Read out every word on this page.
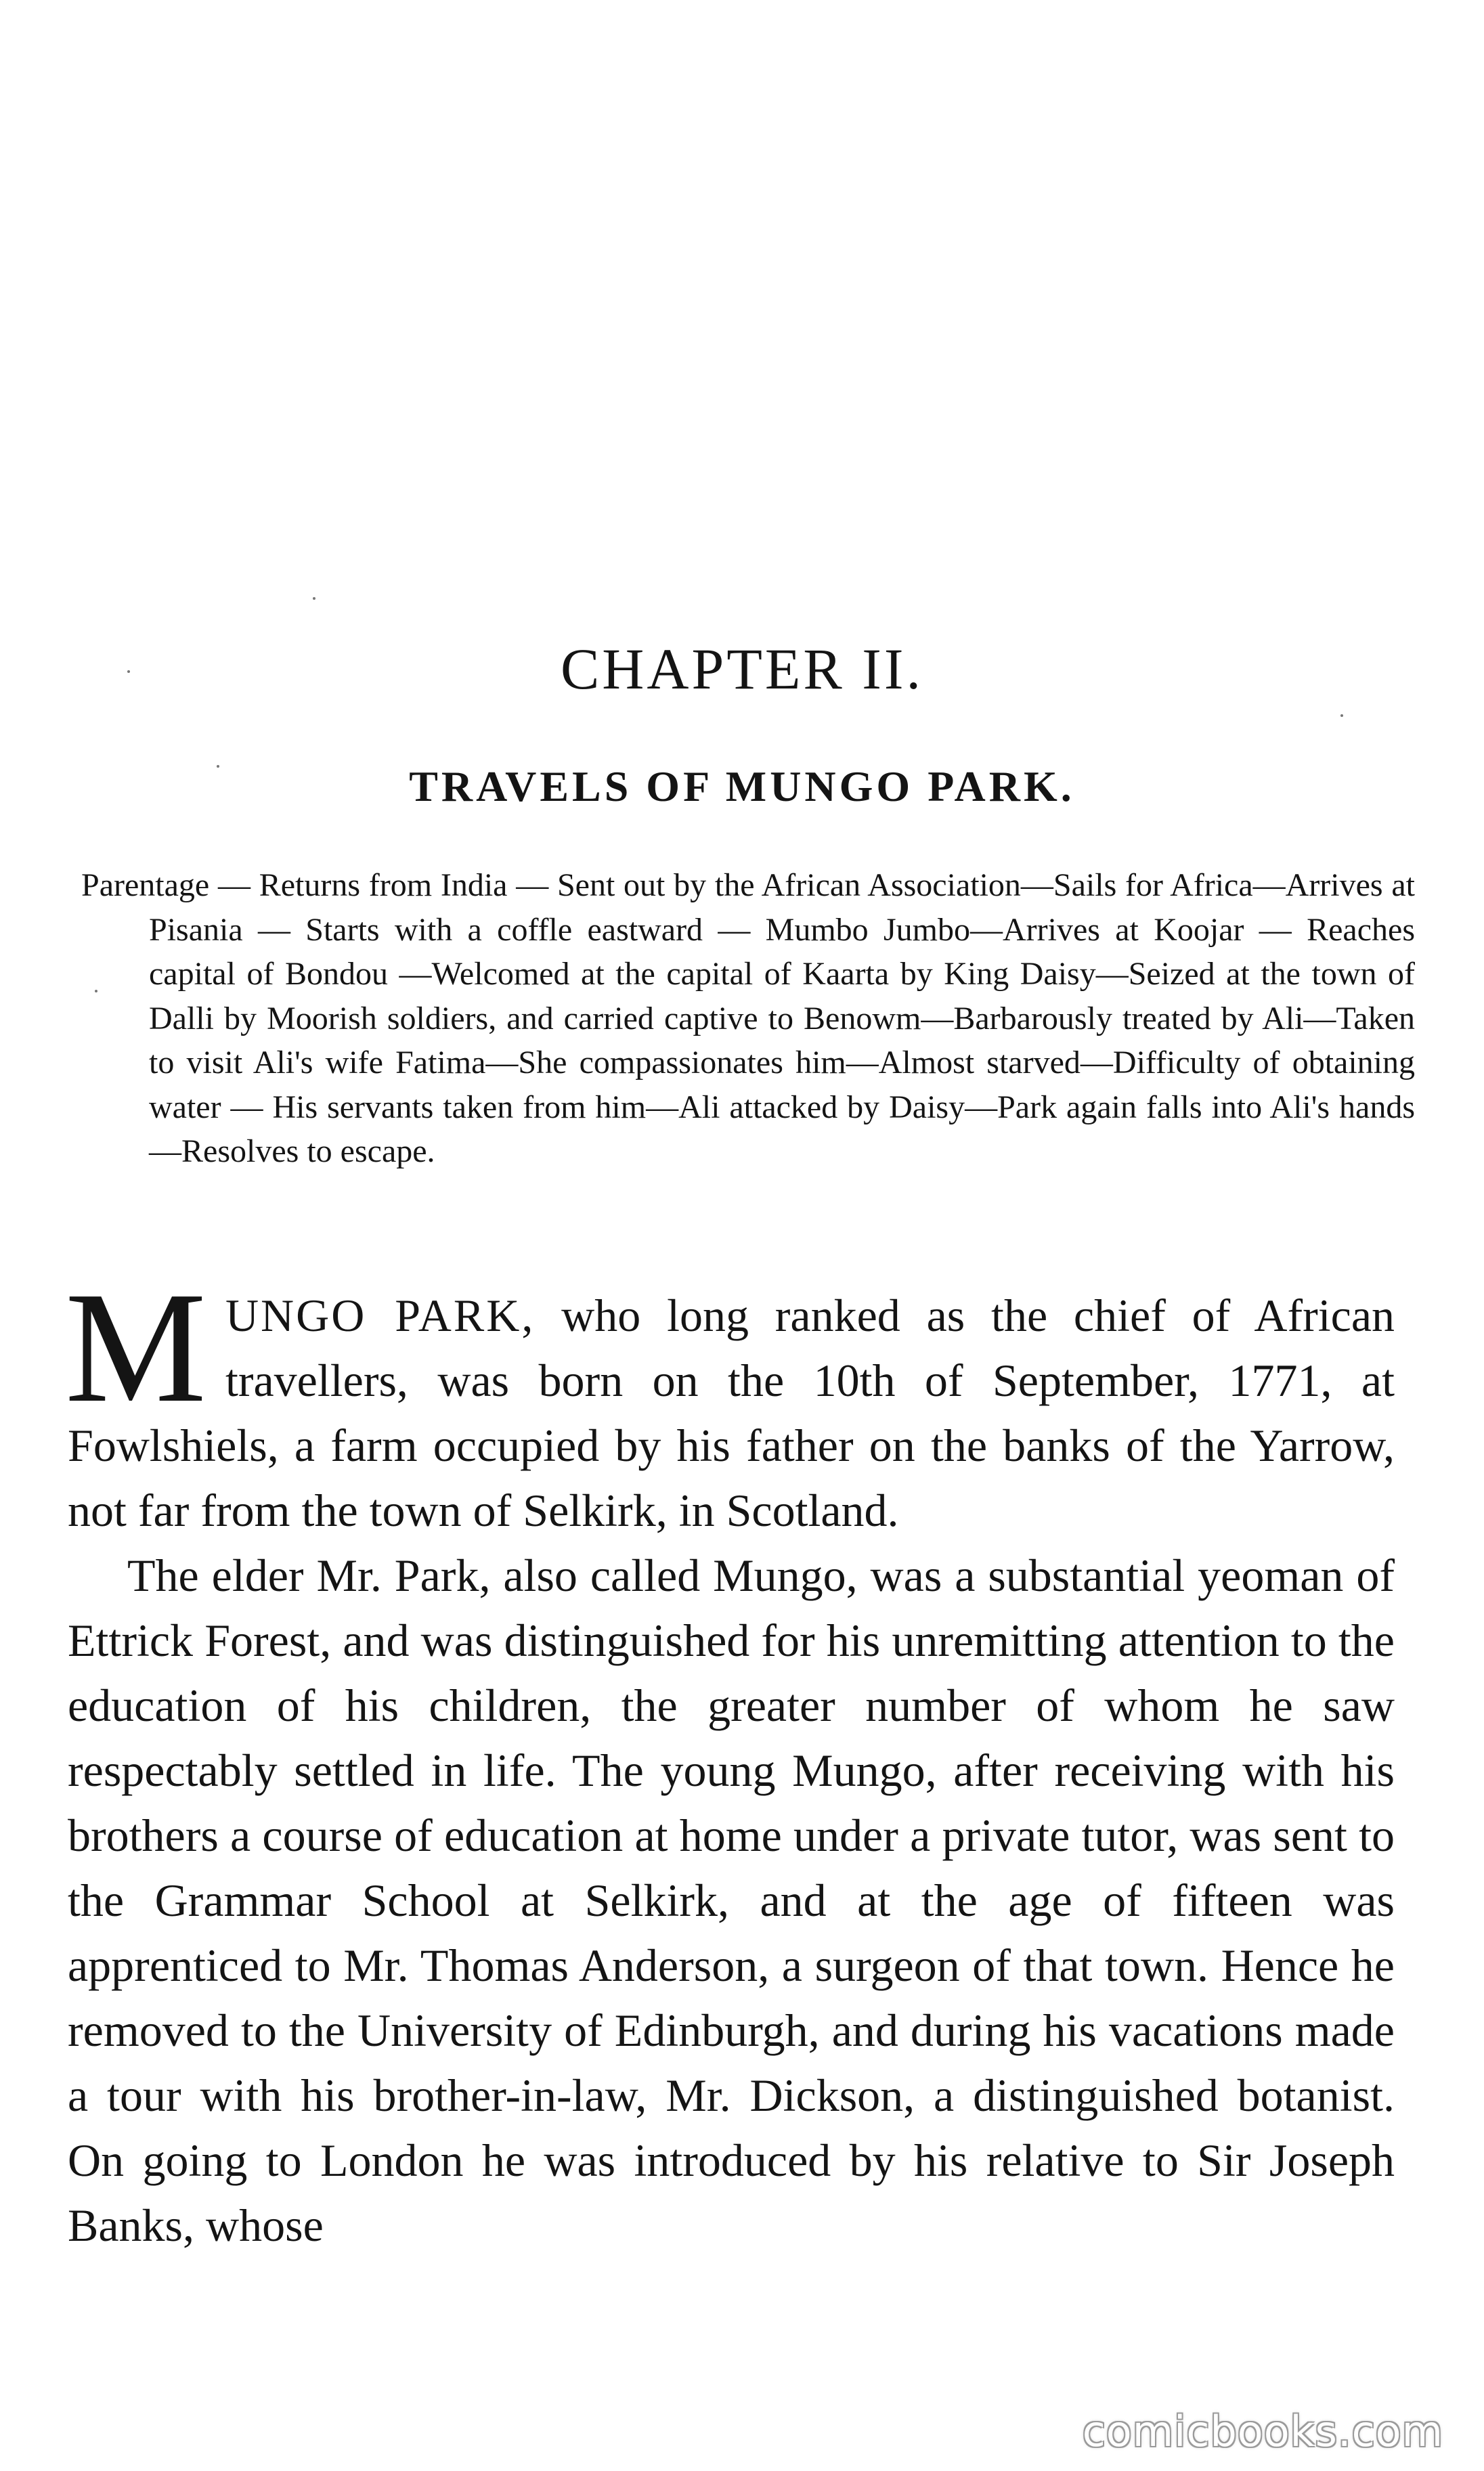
CHAPTER II.
TRAVELS OF MUNGO PARK.

Parentage — Returns from India — Sent out by the African Association—Sails for Africa—Arrives at Pisania — Starts with a coffle eastward — Mumbo Jumbo—Arrives at Koojar — Reaches capital of Bondou —Welcomed at the capital of Kaarta by King Daisy—Seized at the town of Dalli by Moorish soldiers, and carried captive to Benowm—Barbarously treated by Ali—Taken to visit Ali's wife Fatima—She compassionates him—Almost starved—Difficulty of obtaining water — His servants taken from him—Ali attacked by Daisy—Park again falls into Ali's hands—Resolves to escape.

MUNGO PARK, who long ranked as the chief of African travellers, was born on the 10th of September, 1771, at Fowlshiels, a farm occupied by his father on the banks of the Yarrow, not far from the town of Selkirk, in Scotland.

The elder Mr. Park, also called Mungo, was a substantial yeoman of Ettrick Forest, and was distinguished for his unremitting attention to the education of his children, the greater number of whom he saw respectably settled in life. The young Mungo, after receiving with his brothers a course of education at home under a private tutor, was sent to the Grammar School at Selkirk, and at the age of fifteen was apprenticed to Mr. Thomas Anderson, a surgeon of that town. Hence he removed to the University of Edinburgh, and during his vacations made a tour with his brother-in-law, Mr. Dickson, a distinguished botanist. On going to London he was introduced by his relative to Sir Joseph Banks, whose

comicbooks.com
